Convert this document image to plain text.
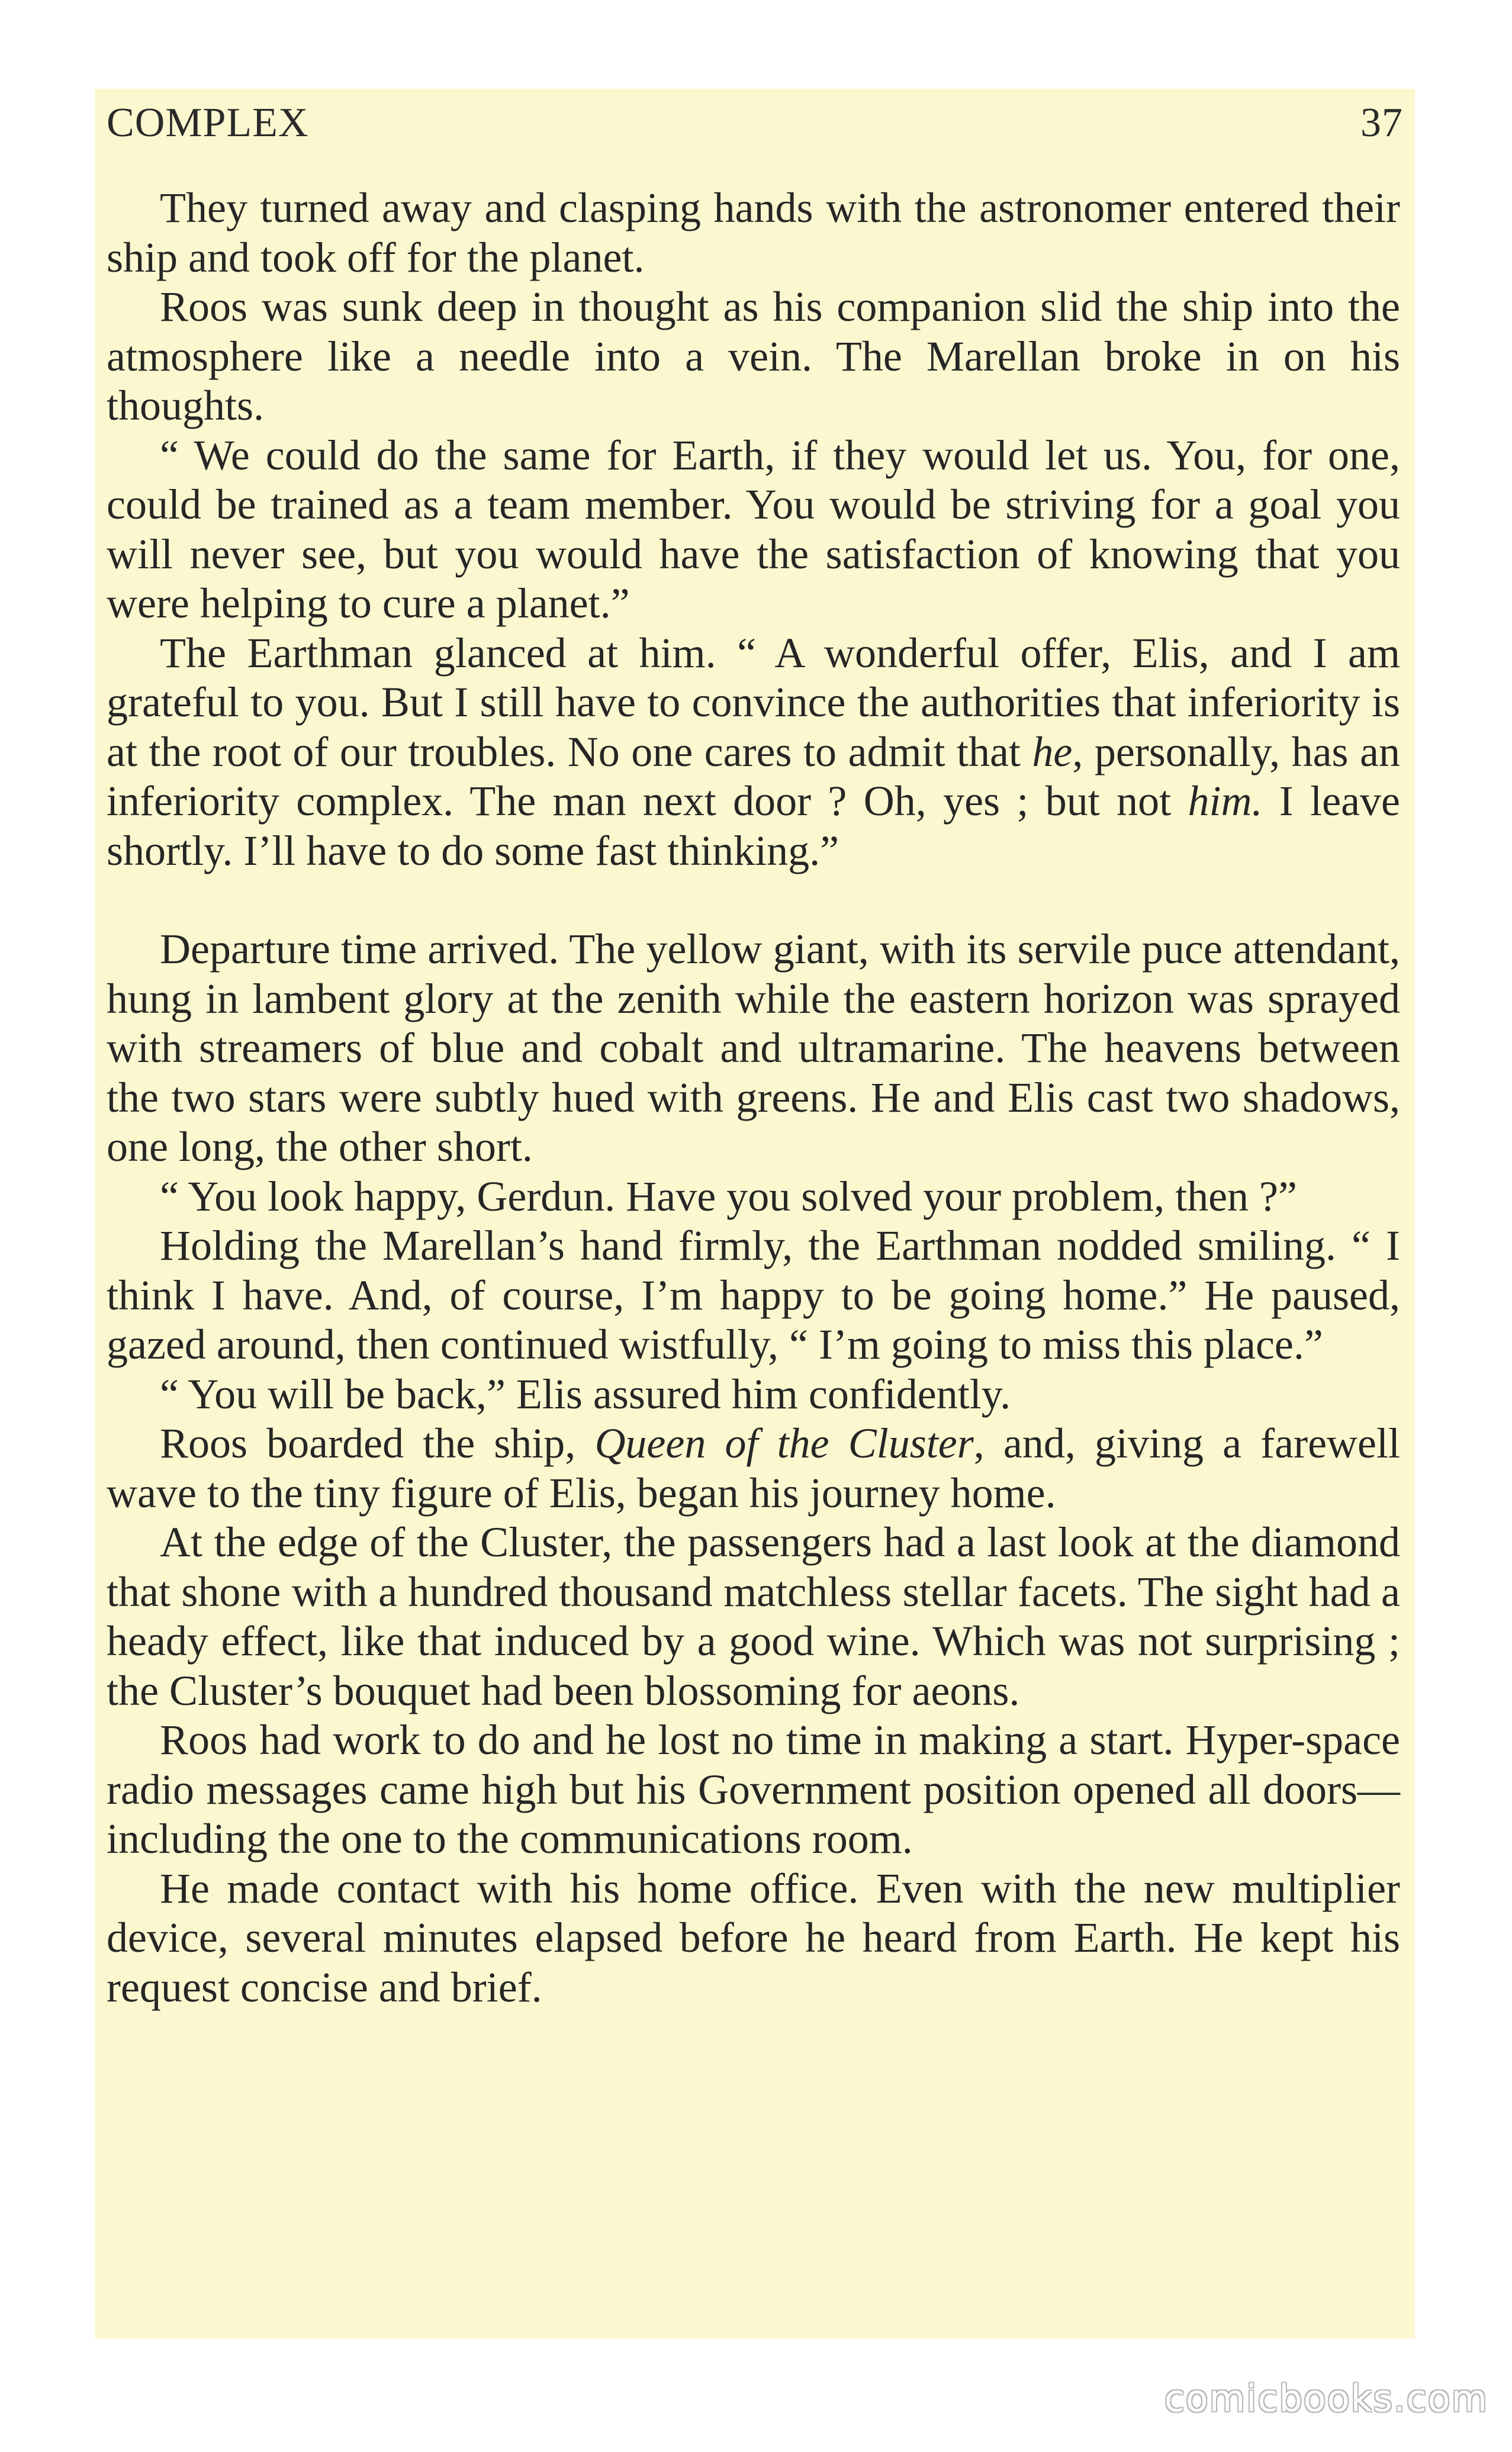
COMPLEX	37

They turned away and clasping hands with the astronomer entered their ship and took off for the planet.

Roos was sunk deep in thought as his companion slid the ship into the atmosphere like a needle into a vein. The Marellan broke in on his thoughts.

“ We could do the same for Earth, if they would let us. You, for one, could be trained as a team member. You would be striving for a goal you will never see, but you would have the satisfaction of knowing that you were helping to cure a planet.”

The Earthman glanced at him. “ A wonderful offer, Elis, and I am grateful to you. But I still have to convince the authorities that inferiority is at the root of our troubles. No one cares to admit that he, personally, has an inferiority complex. The man next door ? Oh, yes ; but not him. I leave shortly. I’ll have to do some fast thinking.”

Departure time arrived. The yellow giant, with its servile puce attendant, hung in lambent glory at the zenith while the eastern horizon was sprayed with streamers of blue and cobalt and ultramarine. The heavens between the two stars were subtly hued with greens. He and Elis cast two shadows, one long, the other short.

“ You look happy, Gerdun. Have you solved your problem, then ?”

Holding the Marellan’s hand firmly, the Earthman nodded smiling. “ I think I have. And, of course, I’m happy to be going home.” He paused, gazed around, then continued wistfully, “ I’m going to miss this place.”

“ You will be back,” Elis assured him confidently.

Roos boarded the ship, Queen of the Cluster, and, giving a farewell wave to the tiny figure of Elis, began his journey home.

At the edge of the Cluster, the passengers had a last look at the diamond that shone with a hundred thousand matchless stellar facets. The sight had a heady effect, like that induced by a good wine. Which was not surprising ; the Cluster’s bouquet had been blossoming for aeons.

Roos had work to do and he lost no time in making a start. Hyper-space radio messages came high but his Government position opened all doors—including the one to the communications room.

He made contact with his home office. Even with the new multiplier device, several minutes elapsed before he heard from Earth. He kept his request concise and brief.

comicbooks.com
